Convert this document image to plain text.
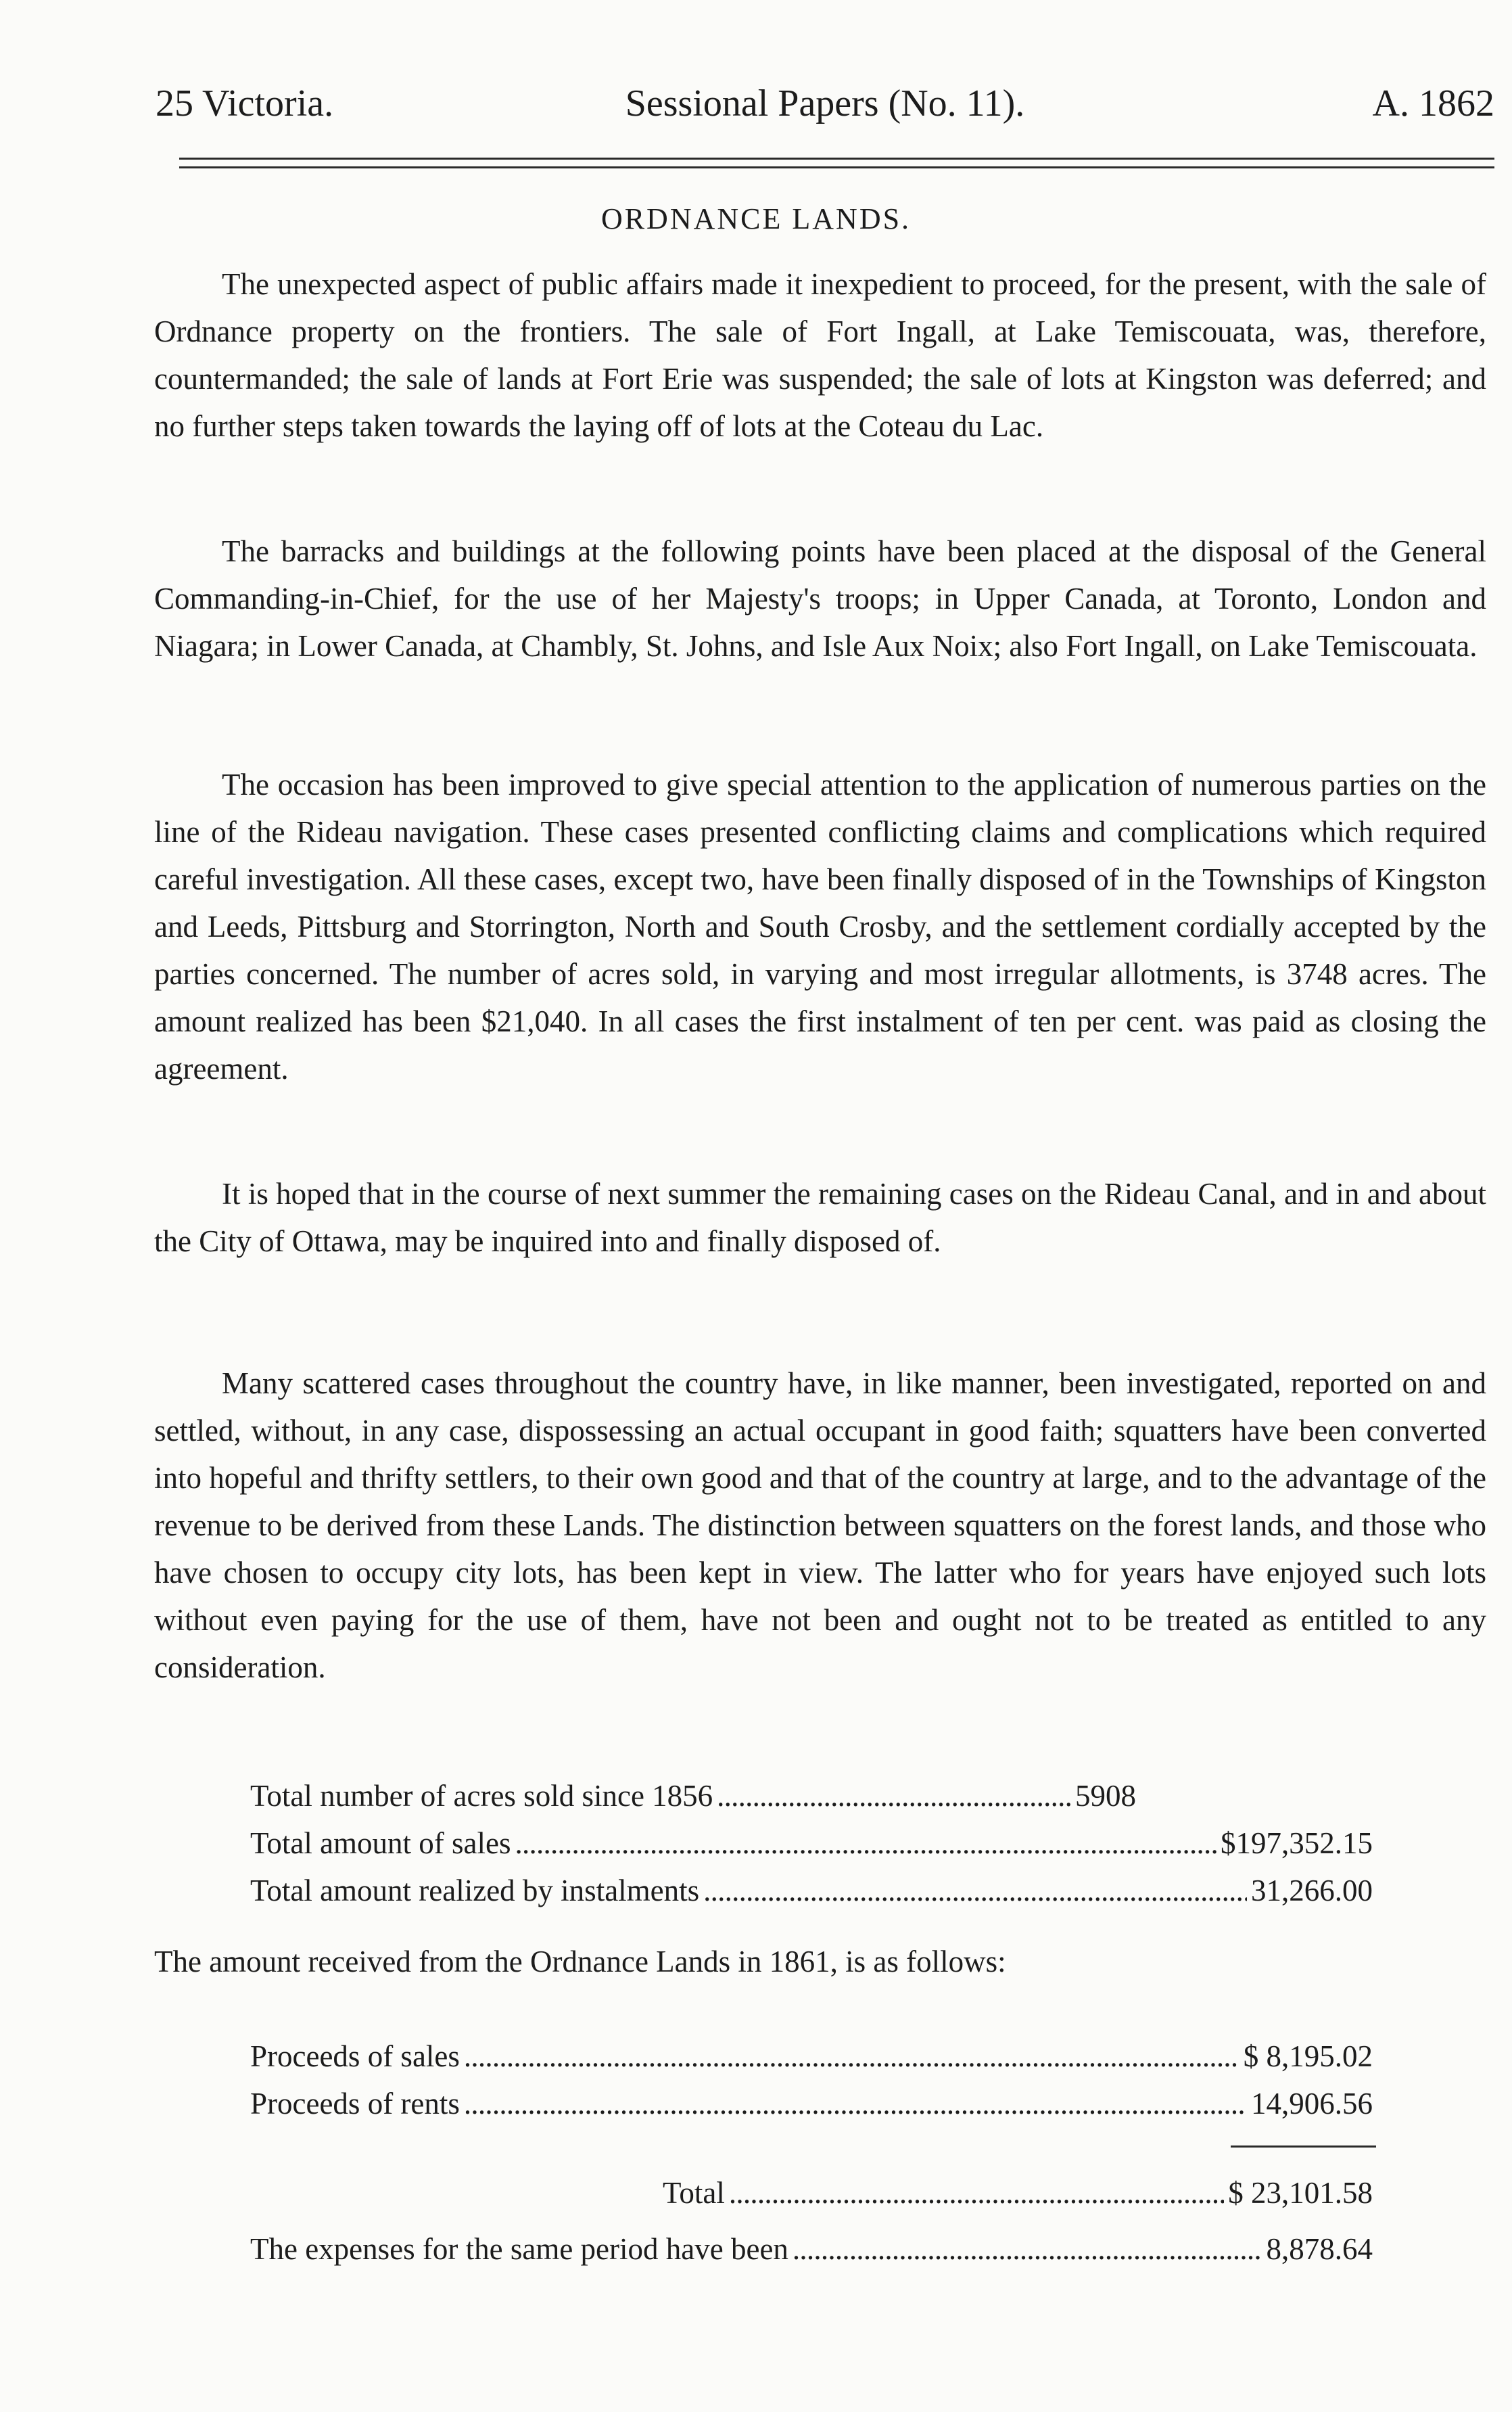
25 Victoria.	Sessional Papers (No. 11).	A. 1862
ORDNANCE LANDS.

The unexpected aspect of public affairs made it inexpedient to proceed, for the present, with the sale of Ordnance property on the frontiers. The sale of Fort Ingall, at Lake Temiscouata, was, therefore, countermanded; the sale of lands at Fort Erie was suspended; the sale of lots at Kingston was deferred; and no further steps taken towards the laying off of lots at the Coteau du Lac.

The barracks and buildings at the following points have been placed at the disposal of the General Commanding-in-Chief, for the use of her Majesty's troops; in Upper Canada, at Toronto, London and Niagara; in Lower Canada, at Chambly, St. Johns, and Isle Aux Noix; also Fort Ingall, on Lake Temiscouata.

The occasion has been improved to give special attention to the application of numerous parties on the line of the Rideau navigation. These cases presented conflicting claims and complications which required careful investigation. All these cases, except two, have been finally disposed of in the Townships of Kingston and Leeds, Pittsburg and Storrington, North and South Crosby, and the settlement cordially accepted by the parties concerned. The number of acres sold, in varying and most irregular allotments, is 3748 acres. The amount realized has been $21,040. In all cases the first instalment of ten per cent. was paid as closing the agreement.

It is hoped that in the course of next summer the remaining cases on the Rideau Canal, and in and about the City of Ottawa, may be inquired into and finally disposed of.

Many scattered cases throughout the country have, in like manner, been investigated, reported on and settled, without, in any case, dispossessing an actual occupant in good faith; squatters have been converted into hopeful and thrifty settlers, to their own good and that of the country at large, and to the advantage of the revenue to be derived from these Lands. The distinction between squatters on the forest lands, and those who have chosen to occupy city lots, has been kept in view. The latter who for years have enjoyed such lots without even paying for the use of them, have not been and ought not to be treated as entitled to any consideration.

Total number of acres sold since 1856 . . .	5908
Total amount of sales . . .	$197,352.15
Total amount realized by instalments . . .	31,266.00
The amount received from the Ordnance Lands in 1861, is as follows:
Proceeds of sales . . .	$ 8,195.02
Proceeds of rents . . .	14,906.56
Total . . .	$ 23,101.58
The expenses for the same period have been . . .	8,878.64
